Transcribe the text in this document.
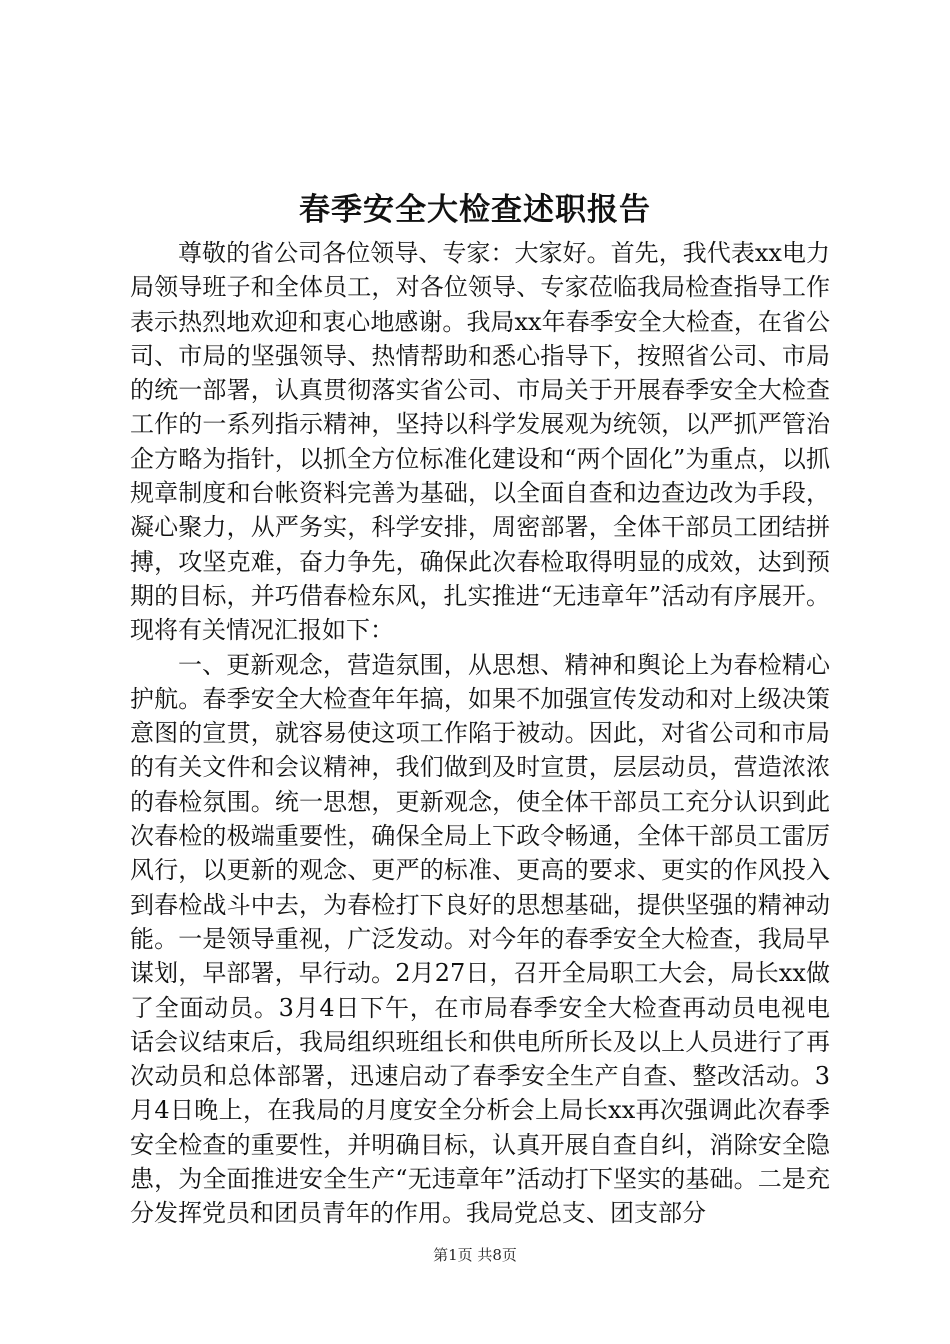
春季安全大检查述职报告

尊敬的省公司各位领导、专家：大家好。首先，我代表xx电力局领导班子和全体员工，对各位领导、专家莅临我局检查指导工作表示热烈地欢迎和衷心地感谢。我局xx年春季安全大检查，在省公司、市局的坚强领导、热情帮助和悉心指导下，按照省公司、市局的统一部署，认真贯彻落实省公司、市局关于开展春季安全大检查工作的一系列指示精神，坚持以科学发展观为统领，以严抓严管治企方略为指针，以抓全方位标准化建设和“两个固化”为重点，以抓规章制度和台帐资料完善为基础，以全面自查和边查边改为手段，凝心聚力，从严务实，科学安排，周密部署，全体干部员工团结拼搏，攻坚克难，奋力争先，确保此次春检取得明显的成效，达到预期的目标，并巧借春检东风，扎实推进“无违章年”活动有序展开。现将有关情况汇报如下：

一、更新观念，营造氛围，从思想、精神和舆论上为春检精心护航。春季安全大检查年年搞，如果不加强宣传发动和对上级决策意图的宣贯，就容易使这项工作陷于被动。因此，对省公司和市局的有关文件和会议精神，我们做到及时宣贯，层层动员，营造浓浓的春检氛围。统一思想，更新观念，使全体干部员工充分认识到此次春检的极端重要性，确保全局上下政令畅通，全体干部员工雷厉风行，以更新的观念、更严的标准、更高的要求、更实的作风投入到春检战斗中去，为春检打下良好的思想基础，提供坚强的精神动能。一是领导重视，广泛发动。对今年的春季安全大检查，我局早谋划，早部署，早行动。2月27日，召开全局职工大会，局长xx做了全面动员。3月4日下午，在市局春季安全大检查再动员电视电话会议结束后，我局组织班组长和供电所所长及以上人员进行了再次动员和总体部署，迅速启动了春季安全生产自查、整改活动。3月4日晚上，在我局的月度安全分析会上局长xx再次强调此次春季安全检查的重要性，并明确目标，认真开展自查自纠，消除安全隐患，为全面推进安全生产“无违章年”活动打下坚实的基础。二是充分发挥党员和团员青年的作用。我局党总支、团支部分

第1页 共8页
